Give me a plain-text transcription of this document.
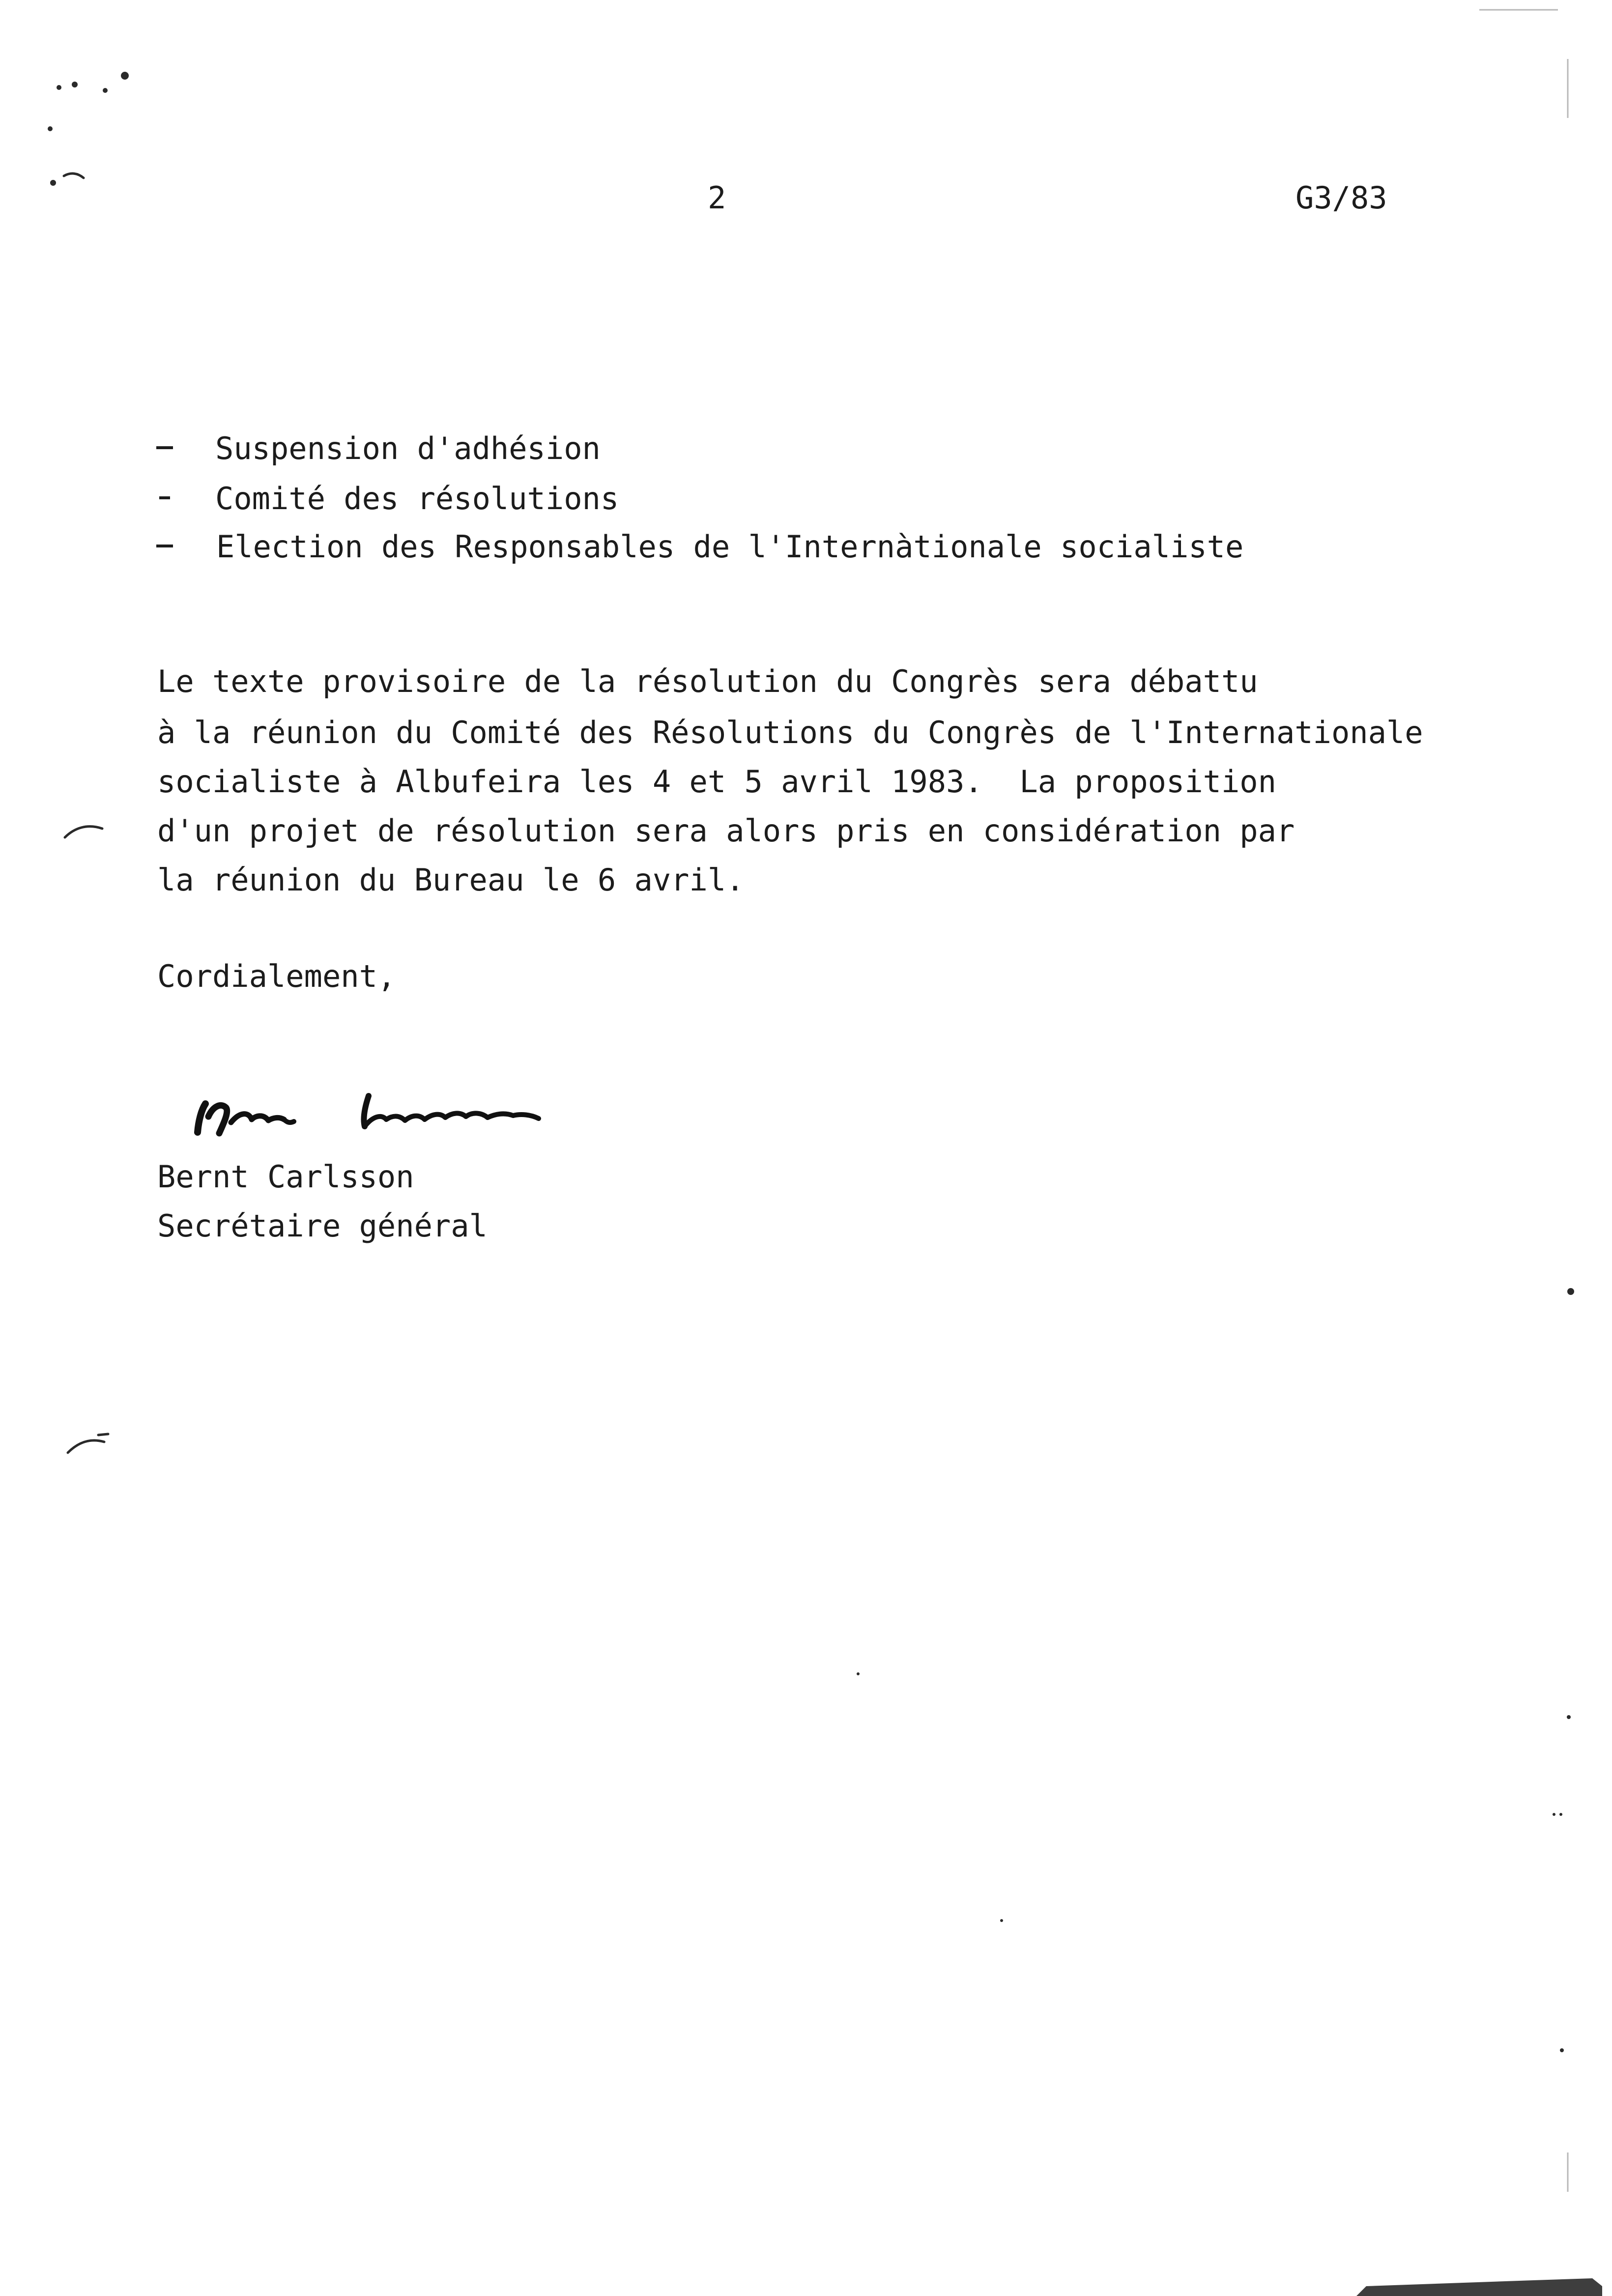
2	G3/83
Suspension d'adhésion
Comité des résolutions
Election des Responsables de l'Internàtionale socialiste
Le texte provisoire de la résolution du Congrès sera débattu
à la réunion du Comité des Résolutions du Congrès de l'Internationale
socialiste à Albufeira les 4 et 5 avril 1983.  La proposition
d'un projet de résolution sera alors pris en considération par
la réunion du Bureau le 6 avril.
Cordialement,
Bernt Carlsson
Bernt Carlsson
Secrétaire général
